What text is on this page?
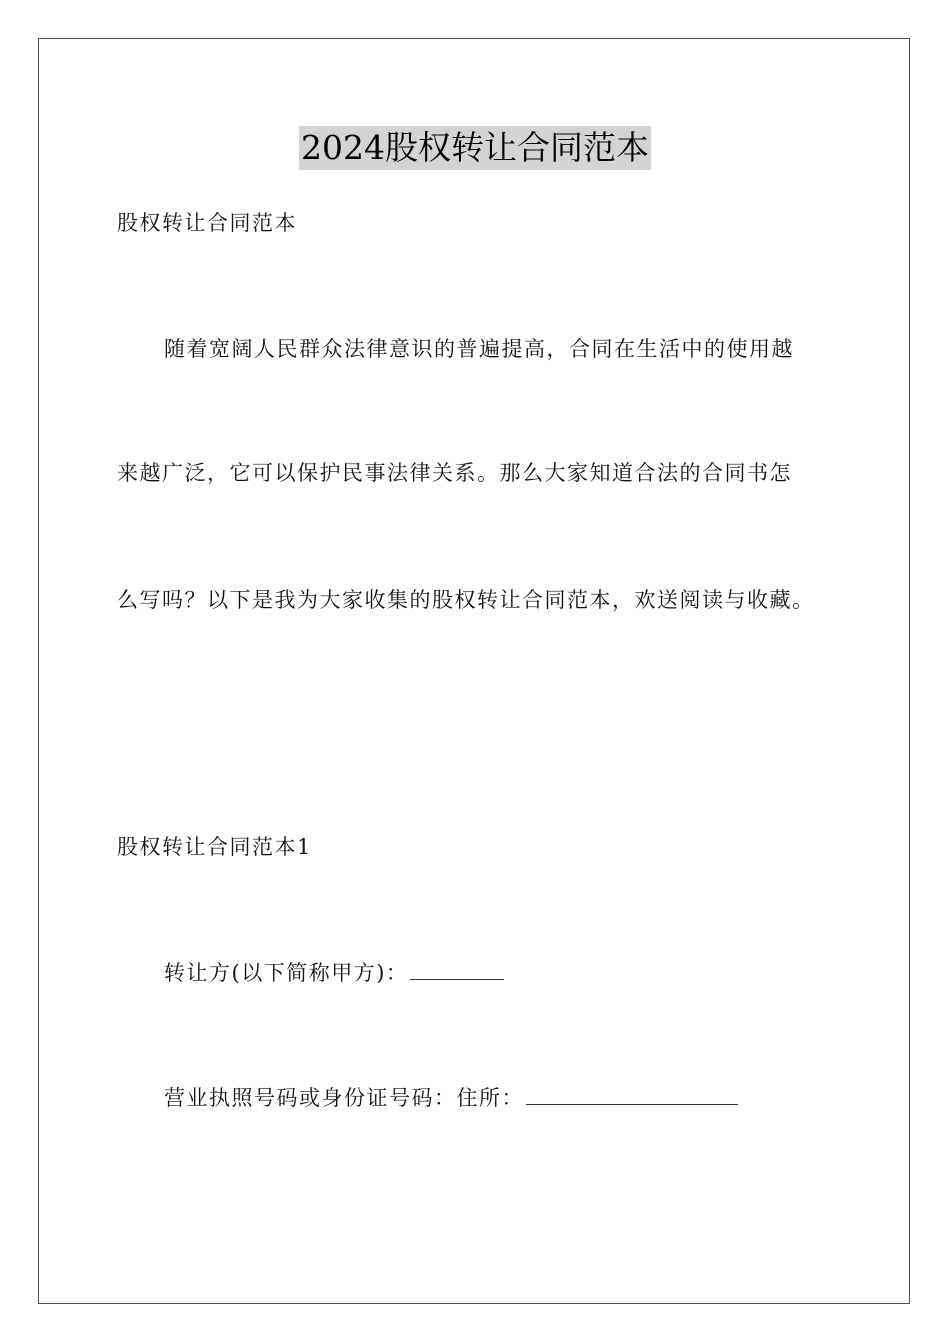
2024股权转让合同范本
股权转让合同范本
随着宽阔人民群众法律意识的普遍提高，合同在生活中的使用越
来越广泛，它可以保护民事法律关系。那么大家知道合法的合同书怎
么写吗？以下是我为大家收集的股权转让合同范本，欢送阅读与收藏。
股权转让合同范本1
转让方(以下简称甲方)：
营业执照号码或身份证号码：住所：
